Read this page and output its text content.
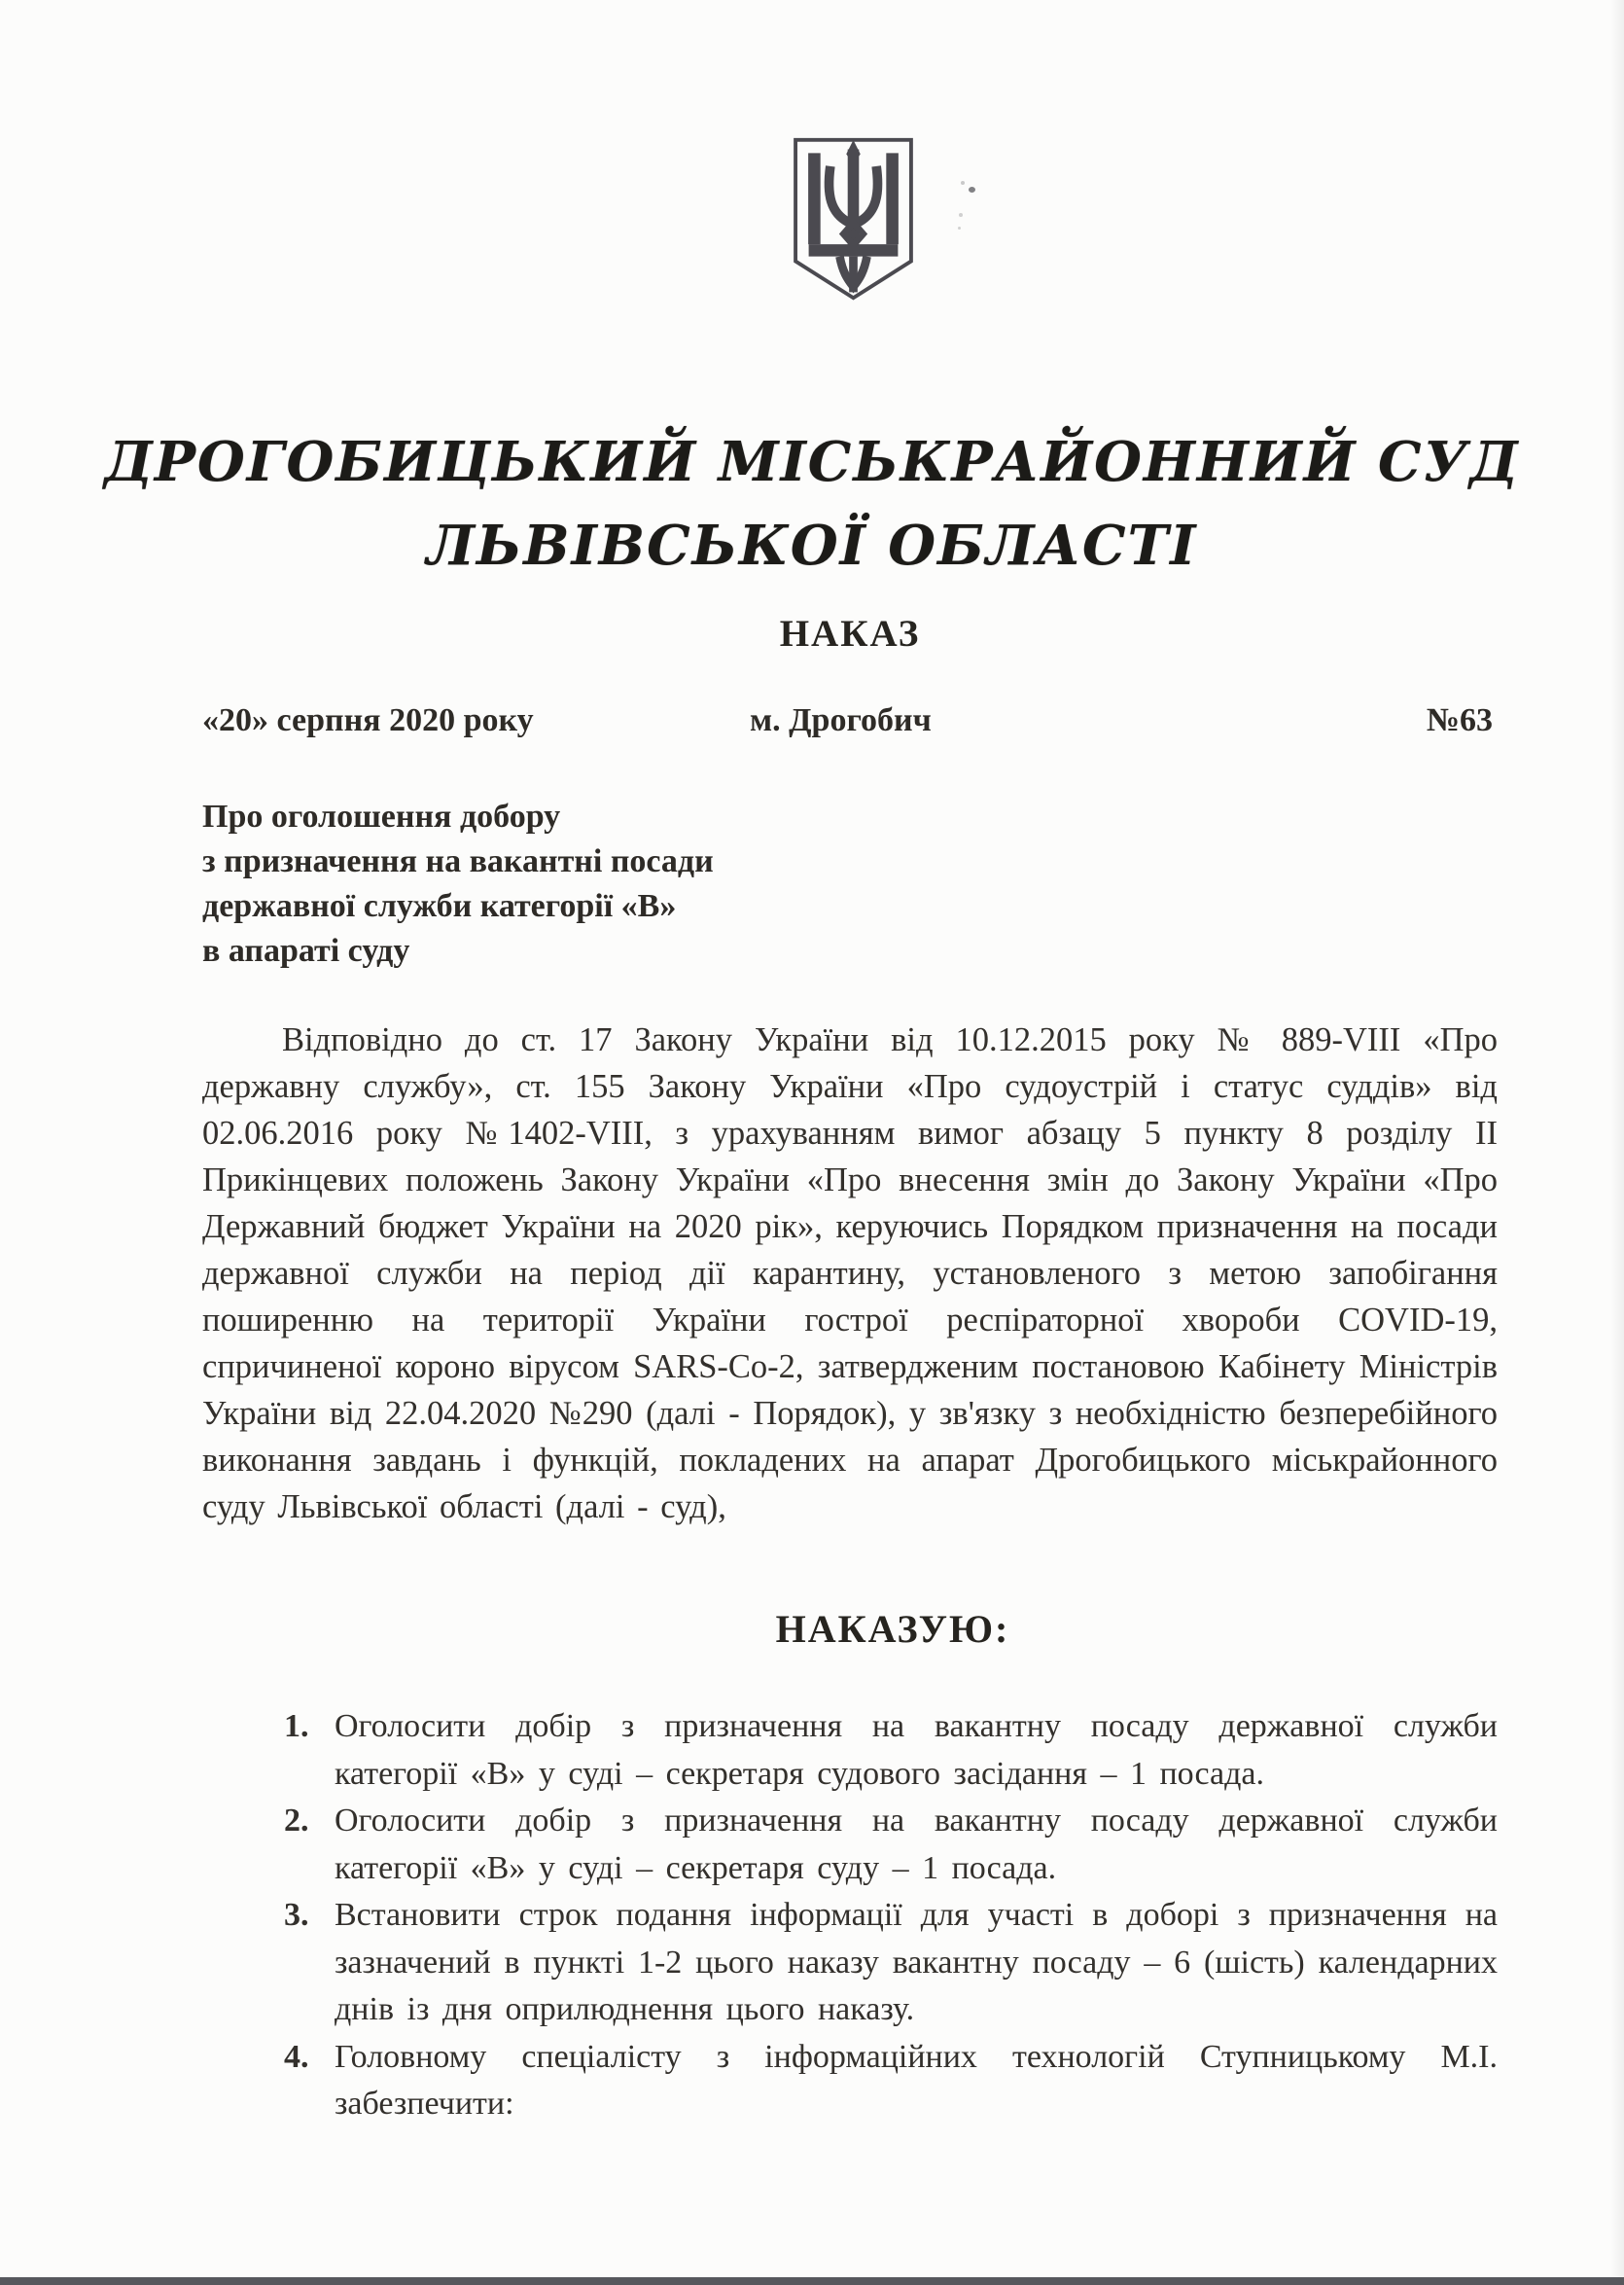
ДРОГОБИЦЬКИЙ МІСЬКРАЙОННИЙ СУД
ЛЬВІВСЬКОЇ ОБЛАСТІ
НАКАЗ
«20» серпня 2020 року	м. Дрогобич	№63
Про оголошення добору
з призначення на вакантні посади
державної служби категорії «В»
в апараті суду
Відповідно до ст. 17 Закону України від 10.12.2015 року № 889-VIII «Про державну службу», ст. 155 Закону України «Про судоустрій і статус суддів» від 02.06.2016 року №1402-VIII, з урахуванням вимог абзацу 5 пункту 8 розділу II Прикінцевих положень Закону України «Про внесення змін до Закону України «Про Державний бюджет України на 2020 рік», керуючись Порядком призначення на посади державної служби на період дії карантину, установленого з метою запобігання поширенню на території України гострої респіраторної хвороби COVID-19, спричиненої короно вірусом SARS-Co-2, затвердженим постановою Кабінету Міністрів України від 22.04.2020 №290 (далі - Порядок), у зв'язку з необхідністю безперебійного виконання завдань і функцій, покладених на апарат Дрогобицького міськрайонного суду Львівської області (далі - суд),
НАКАЗУЮ:
1. Оголосити добір з призначення на вакантну посаду державної служби категорії «В» у суді – секретаря судового засідання – 1 посада.
2. Оголосити добір з призначення на вакантну посаду державної служби категорії «В» у суді – секретаря суду – 1 посада.
3. Встановити строк подання інформації для участі в доборі з призначення на зазначений в пункті 1-2 цього наказу вакантну посаду – 6 (шість) календарних днів із дня оприлюднення цього наказу.
4. Головному спеціалісту з інформаційних технологій Ступницькому М.І. забезпечити:
